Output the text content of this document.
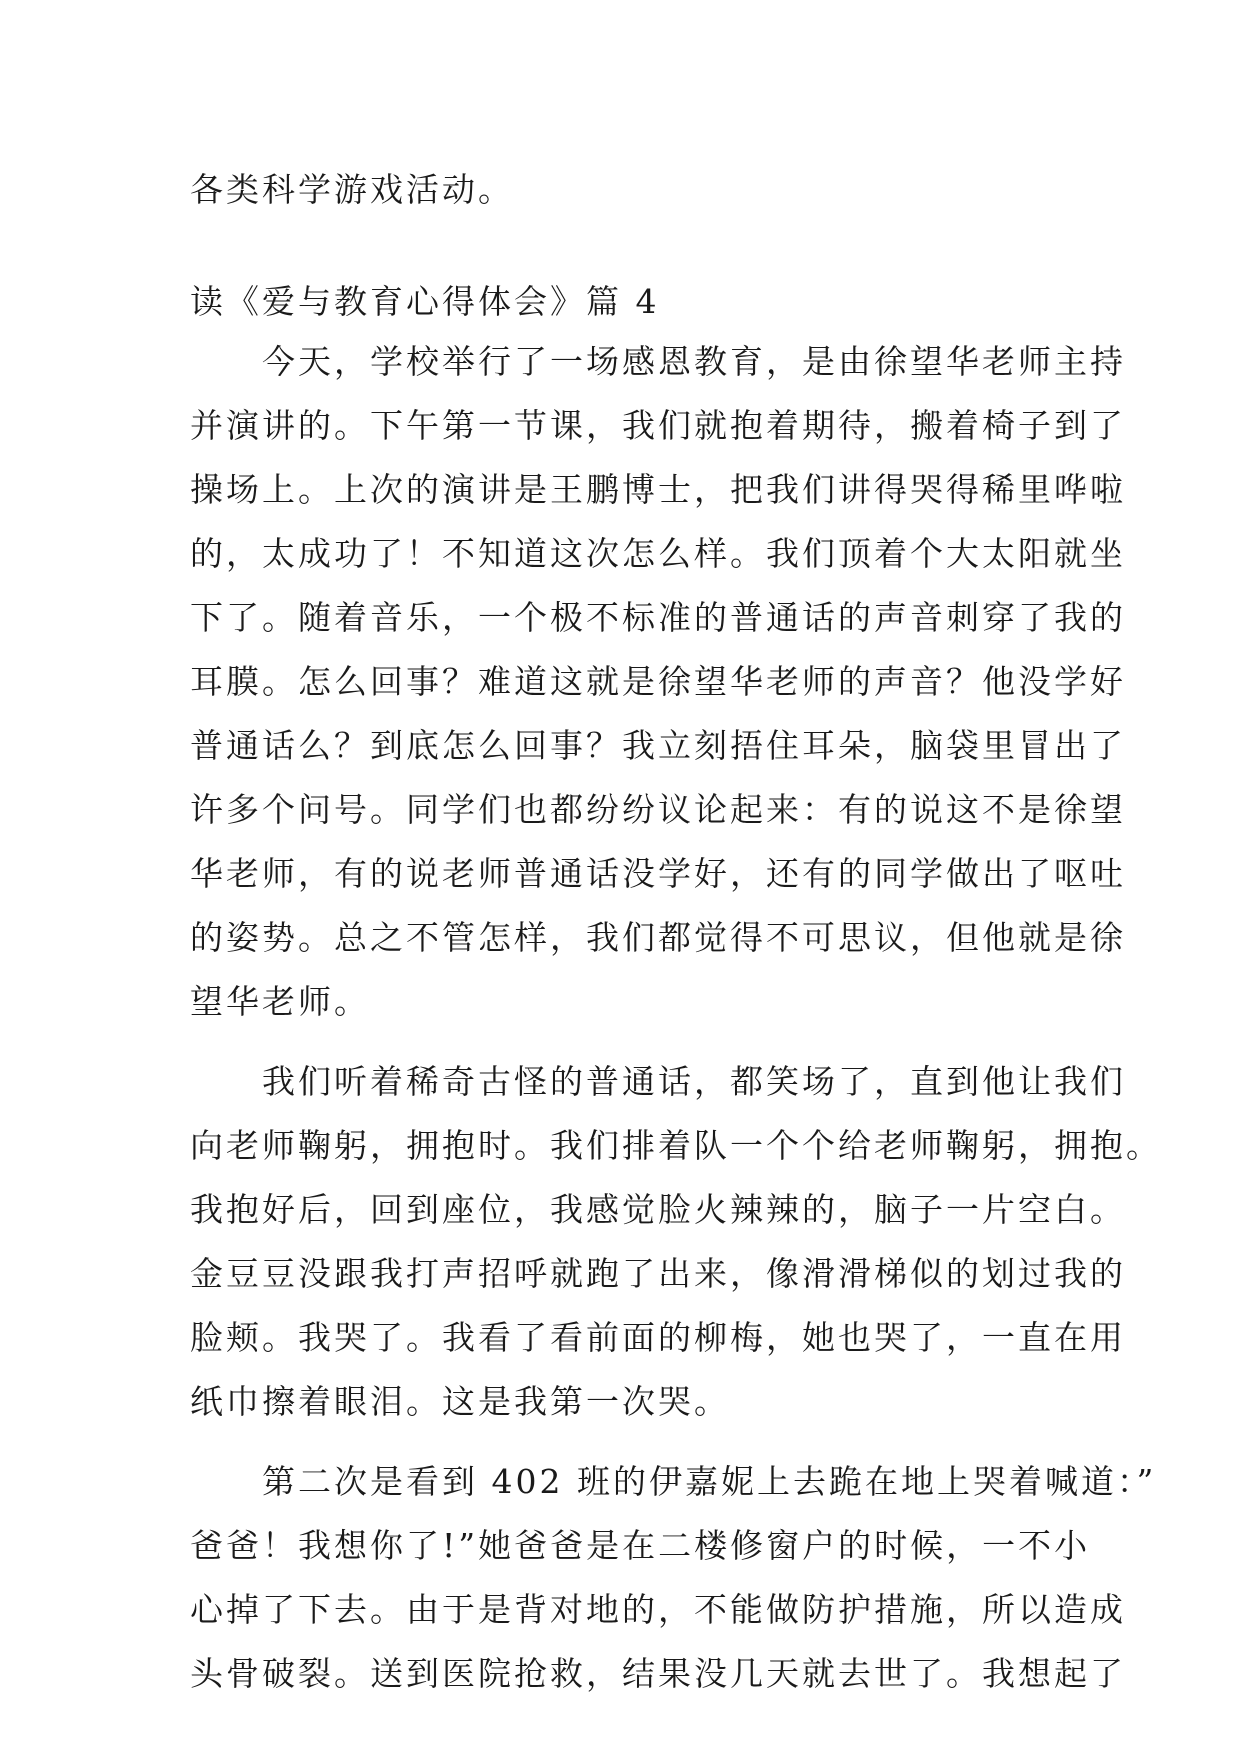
各类科学游戏活动。
读《爱与教育心得体会》篇 4
　　今天，学校举行了一场感恩教育，是由徐望华老师主持
并演讲的。下午第一节课，我们就抱着期待，搬着椅子到了
操场上。上次的演讲是王鹏博士，把我们讲得哭得稀里哗啦
的，太成功了！不知道这次怎么样。我们顶着个大太阳就坐
下了。随着音乐，一个极不标准的普通话的声音刺穿了我的
耳膜。怎么回事？难道这就是徐望华老师的声音？他没学好
普通话么？到底怎么回事？我立刻捂住耳朵，脑袋里冒出了
许多个问号。同学们也都纷纷议论起来：有的说这不是徐望
华老师，有的说老师普通话没学好，还有的同学做出了呕吐
的姿势。总之不管怎样，我们都觉得不可思议，但他就是徐
望华老师。
　　我们听着稀奇古怪的普通话，都笑场了，直到他让我们
向老师鞠躬，拥抱时。我们排着队一个个给老师鞠躬，拥抱。
我抱好后，回到座位，我感觉脸火辣辣的，脑子一片空白。
金豆豆没跟我打声招呼就跑了出来，像滑滑梯似的划过我的
脸颊。我哭了。我看了看前面的柳梅，她也哭了，一直在用
纸巾擦着眼泪。这是我第一次哭。
　　第二次是看到 402 班的伊嘉妮上去跪在地上哭着喊道：”
爸爸！我想你了!”她爸爸是在二楼修窗户的时候，一不小
心掉了下去。由于是背对地的，不能做防护措施，所以造成
头骨破裂。送到医院抢救，结果没几天就去世了。我想起了
